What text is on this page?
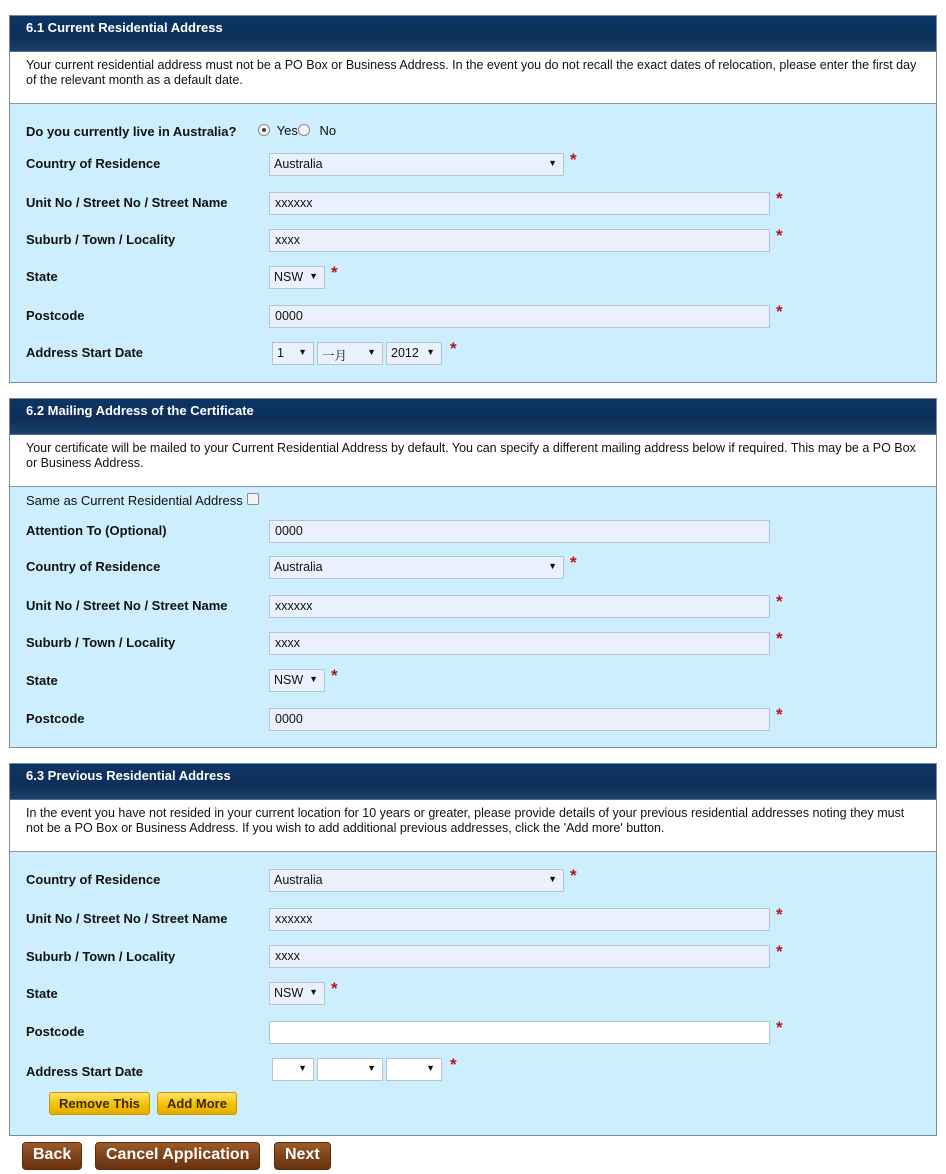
6.1 Current Residential Address
Your current residential address must not be a PO Box or Business Address. In the event you do not recall the exact dates of relocation, please enter the first day of the relevant month as a default date.
Do you currently live in Australia?	Yes No
Country of Residence	Australia	▼ *
Unit No / Street No / Street Name	xxxxxx	*
Suburb / Town / Locality	xxxx	*
State	NSW ▼ *
Postcode	0000	*
Address Start Date	1 ▼	一月 ▼	2012 ▼ *
6.2 Mailing Address of the Certificate
Your certificate will be mailed to your Current Residential Address by default. You can specify a different mailing address below if required. This may be a PO Box or Business Address.
Same as Current Residential Address
Attention To (Optional)	0000
Country of Residence	Australia	▼ *
Unit No / Street No / Street Name	xxxxxx	*
Suburb / Town / Locality	xxxx	*
State	NSW ▼ *
Postcode	0000	*
6.3 Previous Residential Address
In the event you have not resided in your current location for 10 years or greater, please provide details of your previous residential addresses noting they must not be a PO Box or Business Address. If you wish to add additional previous addresses, click the 'Add more' button.
Country of Residence	Australia	▼ *
Unit No / Street No / Street Name	xxxxxx	*
Suburb / Town / Locality	xxxx	*
State	NSW ▼ *
Postcode	*
Address Start Date	▼	▼	▼ *
Remove This	Add More
Back	Cancel Application	Next
